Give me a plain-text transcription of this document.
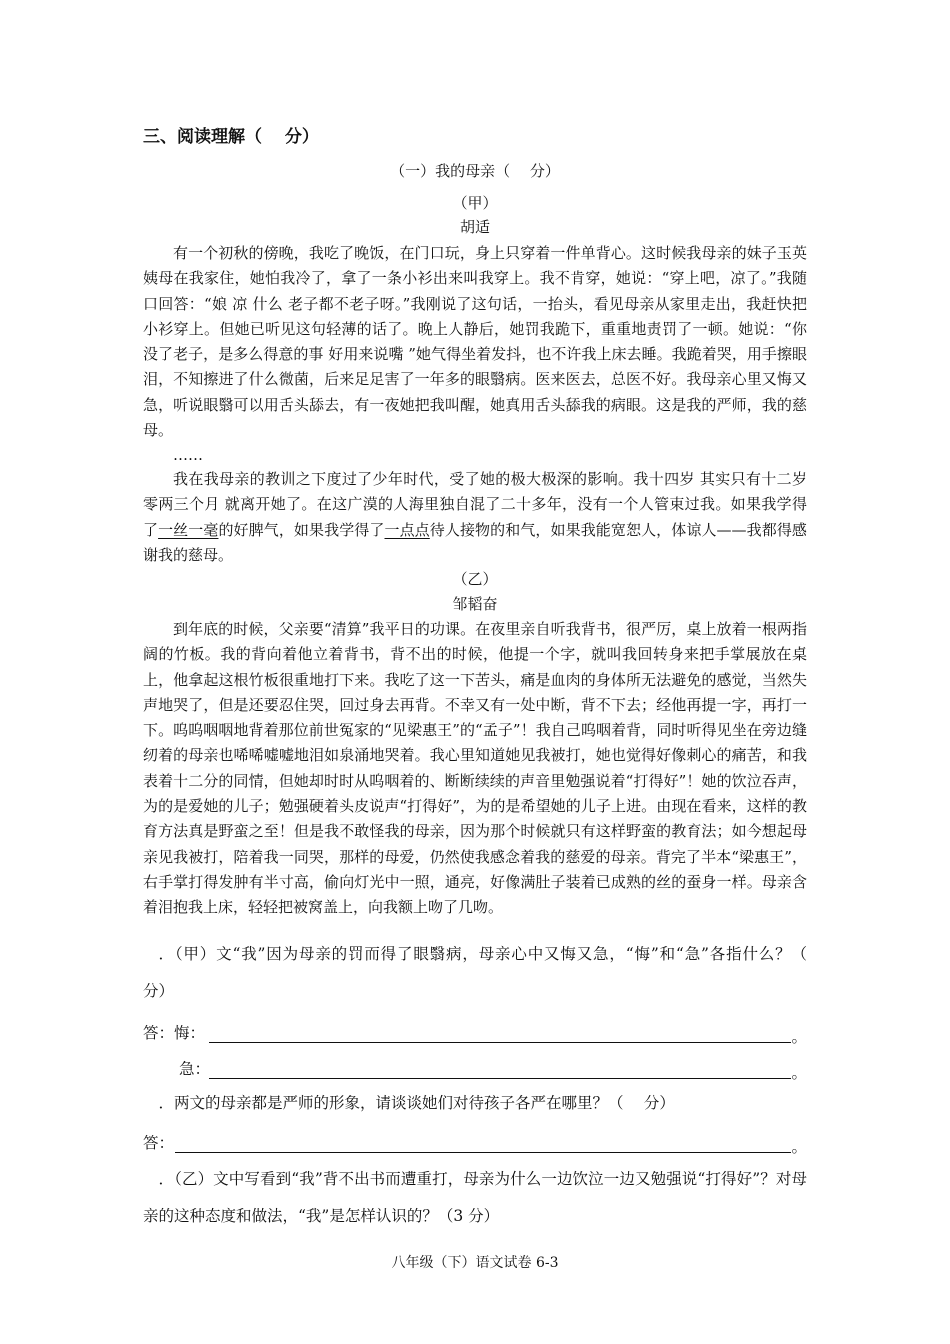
三、阅读理解（　 分）
（一）我的母亲（　 分）
（甲）
胡适

有一个初秋的傍晚，我吃了晚饭，在门口玩，身上只穿着一件单背心。这时候我母亲的妹子玉英姨母在我家住，她怕我冷了，拿了一条小衫出来叫我穿上。我不肯穿，她说：“穿上吧，凉了。”我随口回答：“娘 凉 什么 老子都不老子呀。”我刚说了这句话，一抬头，看见母亲从家里走出，我赶快把小衫穿上。但她已听见这句轻薄的话了。晚上人静后，她罚我跪下，重重地责罚了一顿。她说：“你没了老子，是多么得意的事 好用来说嘴 ”她气得坐着发抖，也不许我上床去睡。我跪着哭，用手擦眼泪，不知擦进了什么微菌，后来足足害了一年多的眼翳病。医来医去，总医不好。我母亲心里又悔又急，听说眼翳可以用舌头舔去，有一夜她把我叫醒，她真用舌头舔我的病眼。这是我的严师，我的慈母。

……

我在我母亲的教训之下度过了少年时代，受了她的极大极深的影响。我十四岁 其实只有十二岁零两三个月 就离开她了。在这广漠的人海里独自混了二十多年，没有一个人管束过我。如果我学得了一丝一毫的好脾气，如果我学得了一点点待人接物的和气，如果我能宽恕人，体谅人——我都得感谢我的慈母。

（乙）
邹韬奋

到年底的时候，父亲要“清算”我平日的功课。在夜里亲自听我背书，很严厉，桌上放着一根两指阔的竹板。我的背向着他立着背书，背不出的时候，他提一个字，就叫我回转身来把手掌展放在桌上，他拿起这根竹板很重地打下来。我吃了这一下苦头，痛是血肉的身体所无法避免的感觉，当然失声地哭了，但是还要忍住哭，回过身去再背。不幸又有一处中断，背不下去；经他再提一字，再打一下。呜呜咽咽地背着那位前世冤家的“见梁惠王”的“孟子”！我自己呜咽着背，同时听得见坐在旁边缝纫着的母亲也唏唏嘘嘘地泪如泉涌地哭着。我心里知道她见我被打，她也觉得好像刺心的痛苦，和我表着十二分的同情，但她却时时从呜咽着的、断断续续的声音里勉强说着“打得好”！她的饮泣吞声，为的是爱她的儿子；勉强硬着头皮说声“打得好”，为的是希望她的儿子上进。由现在看来，这样的教育方法真是野蛮之至！但是我不敢怪我的母亲，因为那个时候就只有这样野蛮的教育法；如今想起母亲见我被打，陪着我一同哭，那样的母爱，仍然使我感念着我的慈爱的母亲。背完了半本“梁惠王”，右手掌打得发肿有半寸高，偷向灯光中一照，通亮，好像满肚子装着已成熟的丝的蚕身一样。母亲含着泪抱我上床，轻轻把被窝盖上，向我额上吻了几吻。

．（甲）文“我”因为母亲的罚而得了眼翳病，母亲心中又悔又急，“悔”和“急”各指什么？（　 分）

答：悔：	。
急：	。

．两文的母亲都是严师的形象，请谈谈她们对待孩子各严在哪里？（　 分）

答：	。

．（乙）文中写看到“我”背不出书而遭重打，母亲为什么一边饮泣一边又勉强说“打得好”？对母亲的这种态度和做法，“我”是怎样认识的？（3 分）

八年级（下）语文试卷 6-3
